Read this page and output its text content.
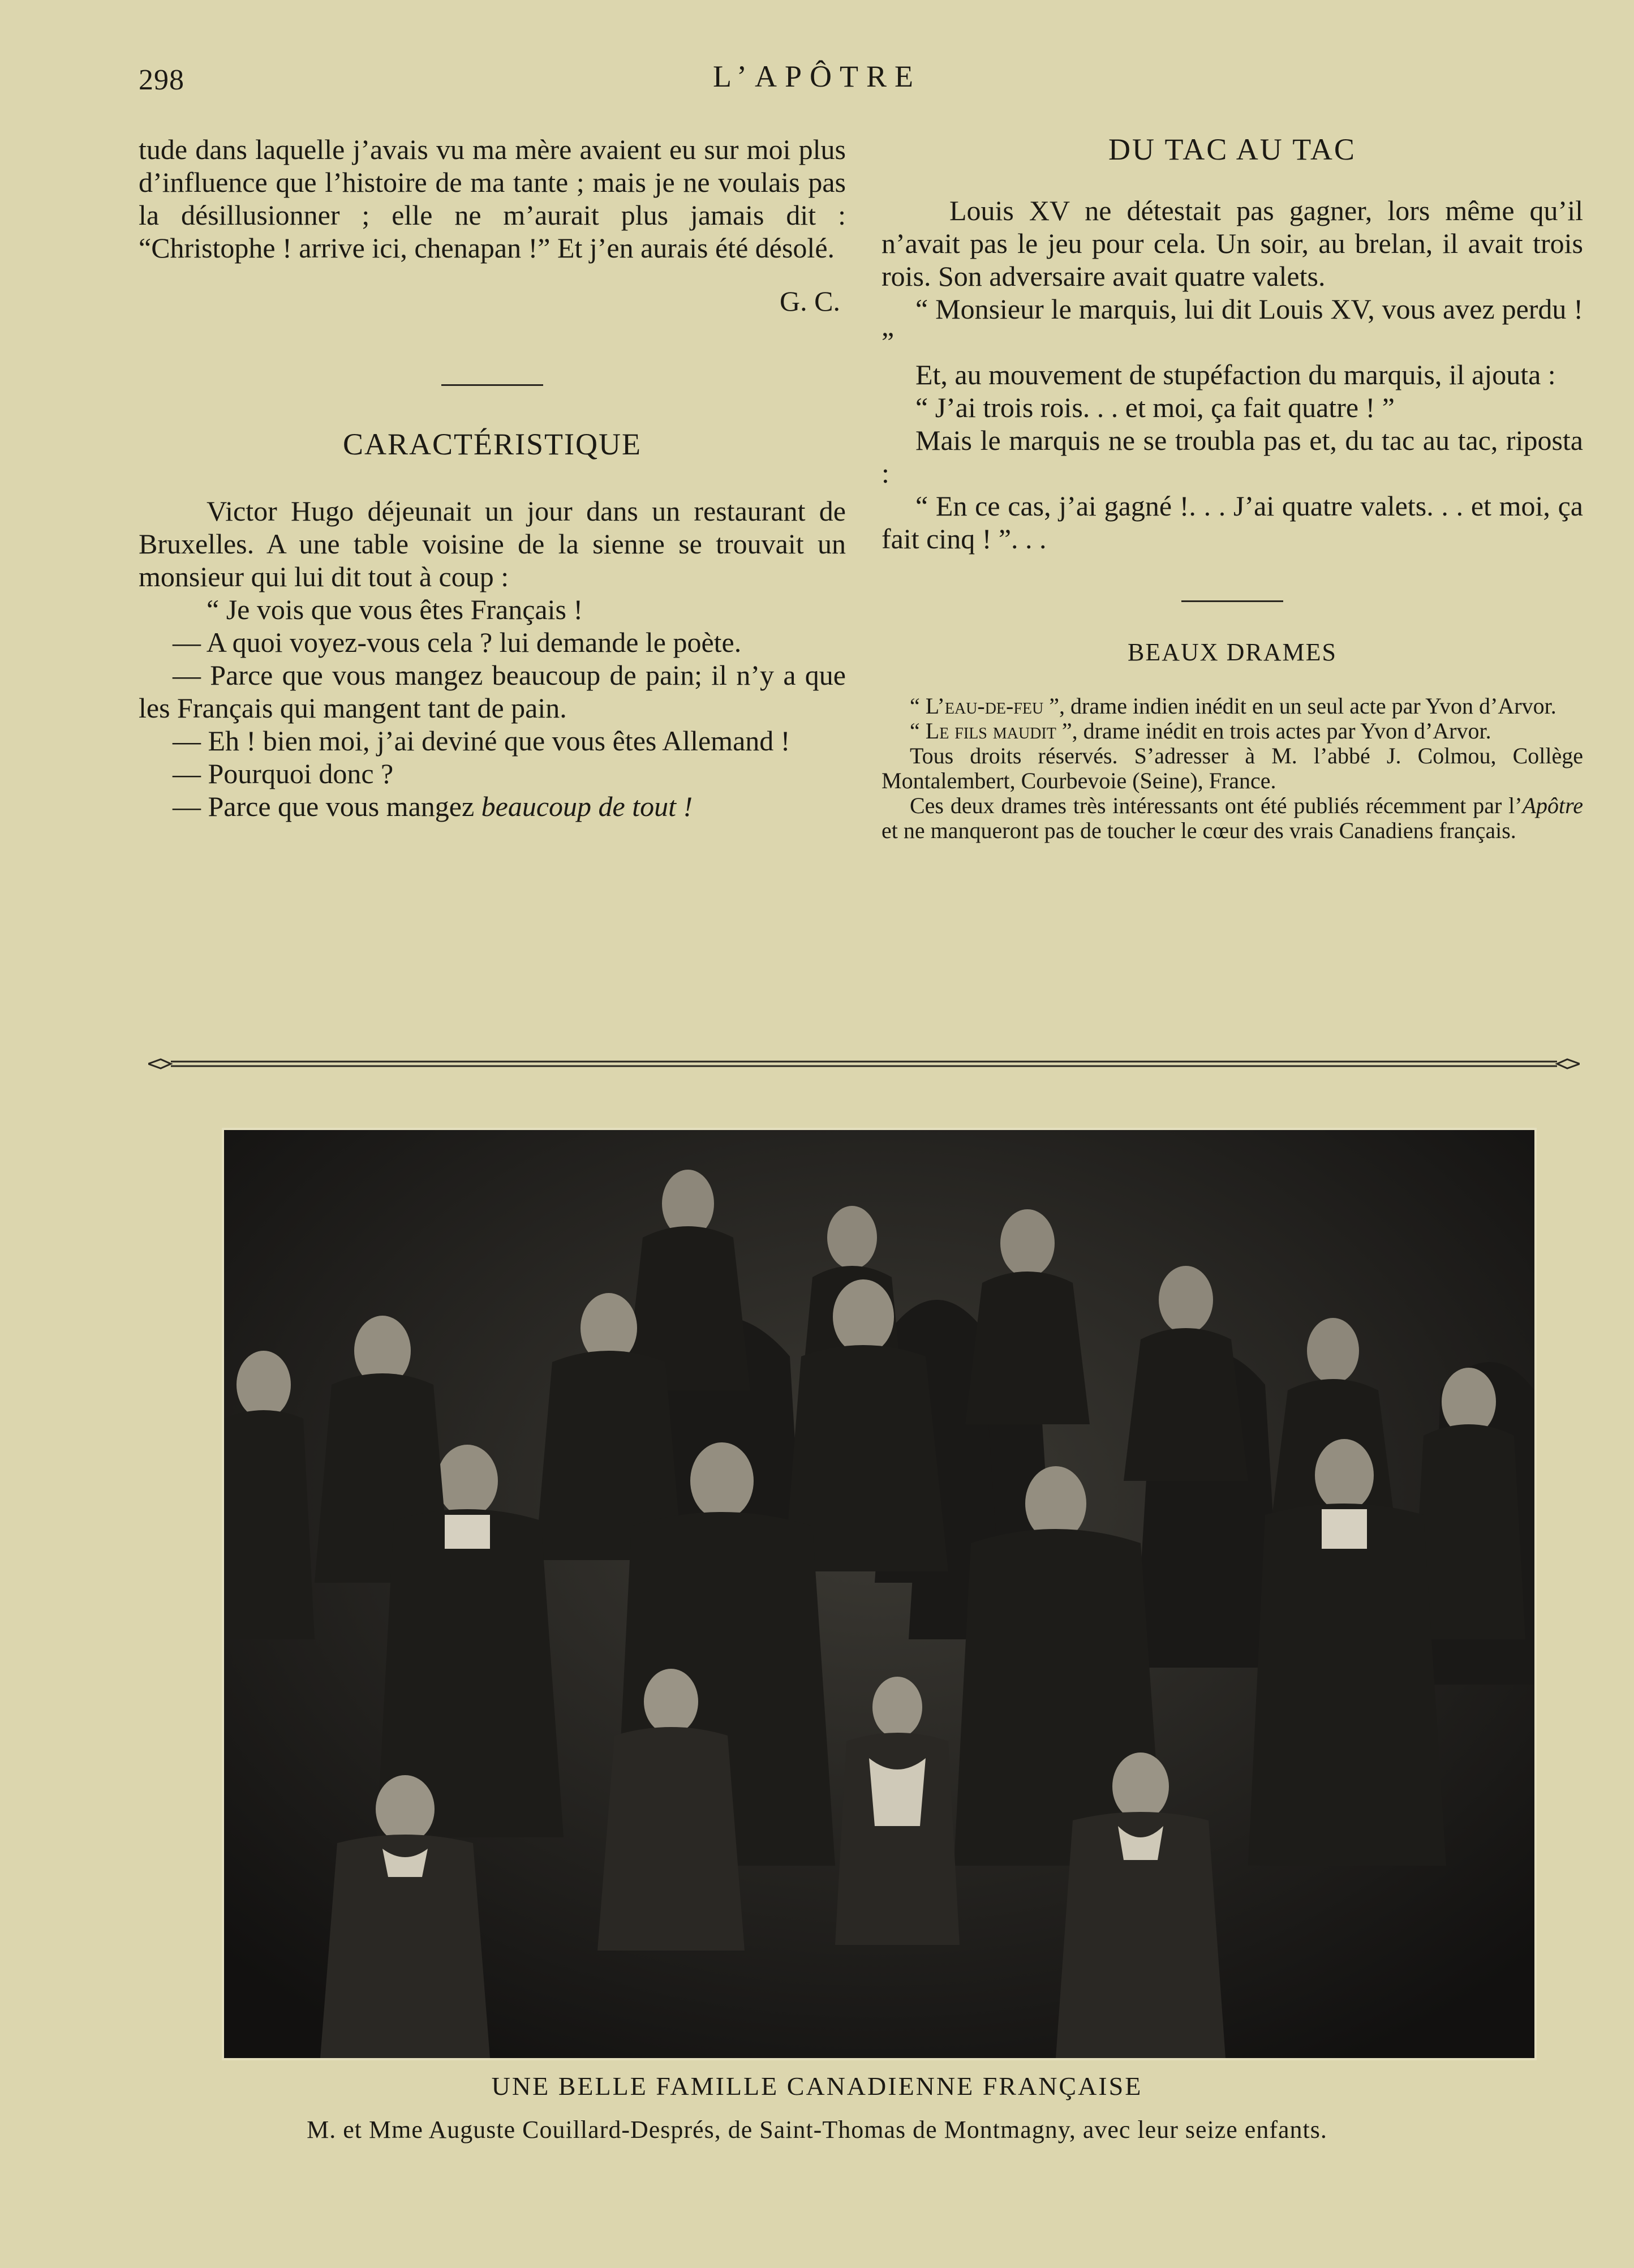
298	L’APÔTRE

tude dans laquelle j’avais vu ma mère avaient eu sur moi plus d’influence que l’histoire de ma tante ; mais je ne voulais pas la désillusionner ; elle ne m’aurait plus jamais dit : “Christophe ! arrive ici, chenapan !” Et j’en aurais été désolé.

G. C.

CARACTÉRISTIQUE

Victor Hugo déjeunait un jour dans un restaurant de Bruxelles. A une table voisine de la sienne se trouvait un monsieur qui lui dit tout à coup :

“ Je vois que vous êtes Français !

— A quoi voyez-vous cela ? lui demande le poète.

— Parce que vous mangez beaucoup de pain; il n’y a que les Français qui mangent tant de pain.

— Eh ! bien moi, j’ai deviné que vous êtes Allemand !

— Pourquoi donc ?

— Parce que vous mangez beaucoup de tout !

DU TAC AU TAC

Louis XV ne détestait pas gagner, lors même qu’il n’avait pas le jeu pour cela. Un soir, au brelan, il avait trois rois. Son adversaire avait quatre valets.

“ Monsieur le marquis, lui dit Louis XV, vous avez perdu ! ”

Et, au mouvement de stupéfaction du marquis, il ajouta :

“ J’ai trois rois. . . et moi, ça fait quatre ! ”

Mais le marquis ne se troubla pas et, du tac au tac, riposta :

“ En ce cas, j’ai gagné !. . . J’ai quatre valets. . . et moi, ça fait cinq ! ”. . .

BEAUX DRAMES

“ L’eau-de-feu ”, drame indien inédit en un seul acte par Yvon d’Arvor.

“ Le fils maudit ”, drame inédit en trois actes par Yvon d’Arvor.

Tous droits réservés. S’adresser à M. l’abbé J. Colmou, Collège Montalembert, Courbevoie (Seine), France.

Ces deux drames très intéressants ont été publiés récemment par l’Apôtre et ne manqueront pas de toucher le cœur des vrais Canadiens français.

UNE BELLE FAMILLE CANADIENNE FRANÇAISE
M. et Mme Auguste Couillard-Després, de Saint-Thomas de Montmagny, avec leur seize enfants.
